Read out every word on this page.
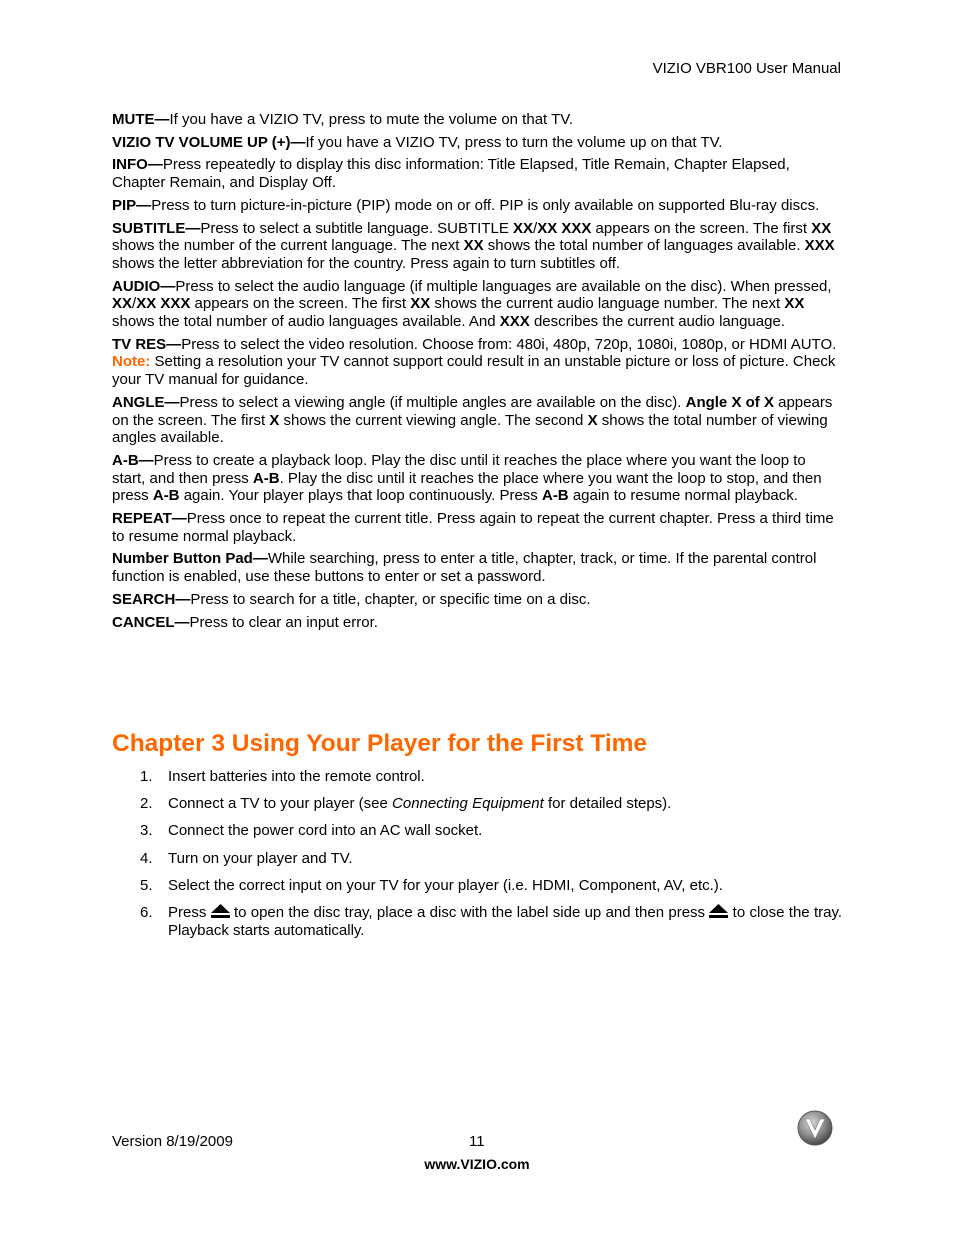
VIZIO VBR100 User Manual

MUTE—If you have a VIZIO TV, press to mute the volume on that TV.

VIZIO TV VOLUME UP (+)—If you have a VIZIO TV, press to turn the volume up on that TV.

INFO—Press repeatedly to display this disc information: Title Elapsed, Title Remain, Chapter Elapsed, Chapter Remain, and Display Off.

PIP—Press to turn picture-in-picture (PIP) mode on or off. PIP is only available on supported Blu-ray discs.

SUBTITLE—Press to select a subtitle language. SUBTITLE XX/XX XXX appears on the screen. The first XX shows the number of the current language. The next XX shows the total number of languages available. XXX shows the letter abbreviation for the country. Press again to turn subtitles off.

AUDIO—Press to select the audio language (if multiple languages are available on the disc). When pressed, XX/XX XXX appears on the screen. The first XX shows the current audio language number. The next XX shows the total number of audio languages available. And XXX describes the current audio language.

TV RES—Press to select the video resolution. Choose from: 480i, 480p, 720p, 1080i, 1080p, or HDMI AUTO. Note: Setting a resolution your TV cannot support could result in an unstable picture or loss of picture. Check your TV manual for guidance.

ANGLE—Press to select a viewing angle (if multiple angles are available on the disc). Angle X of X appears on the screen. The first X shows the current viewing angle. The second X shows the total number of viewing angles available.

A-B—Press to create a playback loop. Play the disc until it reaches the place where you want the loop to start, and then press A-B. Play the disc until it reaches the place where you want the loop to stop, and then press A-B again. Your player plays that loop continuously. Press A-B again to resume normal playback.

REPEAT—Press once to repeat the current title. Press again to repeat the current chapter. Press a third time to resume normal playback.

Number Button Pad—While searching, press to enter a title, chapter, track, or time. If the parental control function is enabled, use these buttons to enter or set a password.

SEARCH—Press to search for a title, chapter, or specific time on a disc.

CANCEL—Press to clear an input error.

Chapter 3 Using Your Player for the First Time
1. Insert batteries into the remote control.
2. Connect a TV to your player (see Connecting Equipment for detailed steps).
3. Connect the power cord into an AC wall socket.
4. Turn on your player and TV.
5. Select the correct input on your TV for your player (i.e. HDMI, Component, AV, etc.).
6. Press
to open the disc tray, place a disc with the label side up and then press
to close the tray. Playback starts automatically.
Version 8/19/2009	11
www.VIZIO.com
